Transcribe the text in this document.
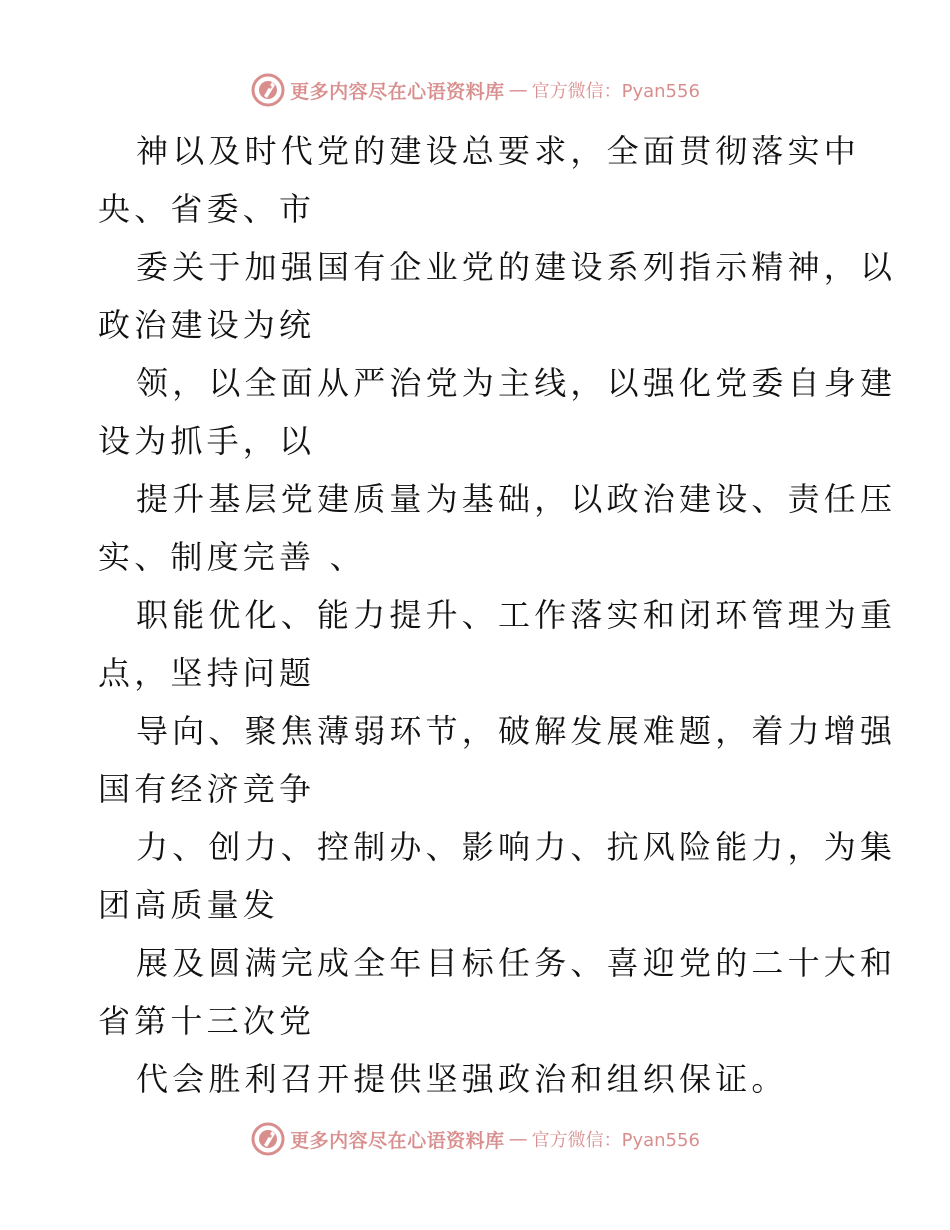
更多内容尽在心语资料库 — 官方微信：Pyan556
神以及时代党的建设总要求，全面贯彻落实中
央、省委、市
委关于加强国有企业党的建设系列指示精神，以
政治建设为统
领，以全面从严治党为主线，以强化党委自身建
设为抓手，以
提升基层党建质量为基础，以政治建设、责任压
实、制度完善 、
职能优化、能力提升、工作落实和闭环管理为重
点，坚持问题
导向、聚焦薄弱环节，破解发展难题，着力增强
国有经济竞争
力、创力、控制办、影响力、抗风险能力，为集
团高质量发
展及圆满完成全年目标任务、喜迎党的二十大和
省第十三次党
代会胜利召开提供坚强政治和组织保证。
更多内容尽在心语资料库 — 官方微信：Pyan556
